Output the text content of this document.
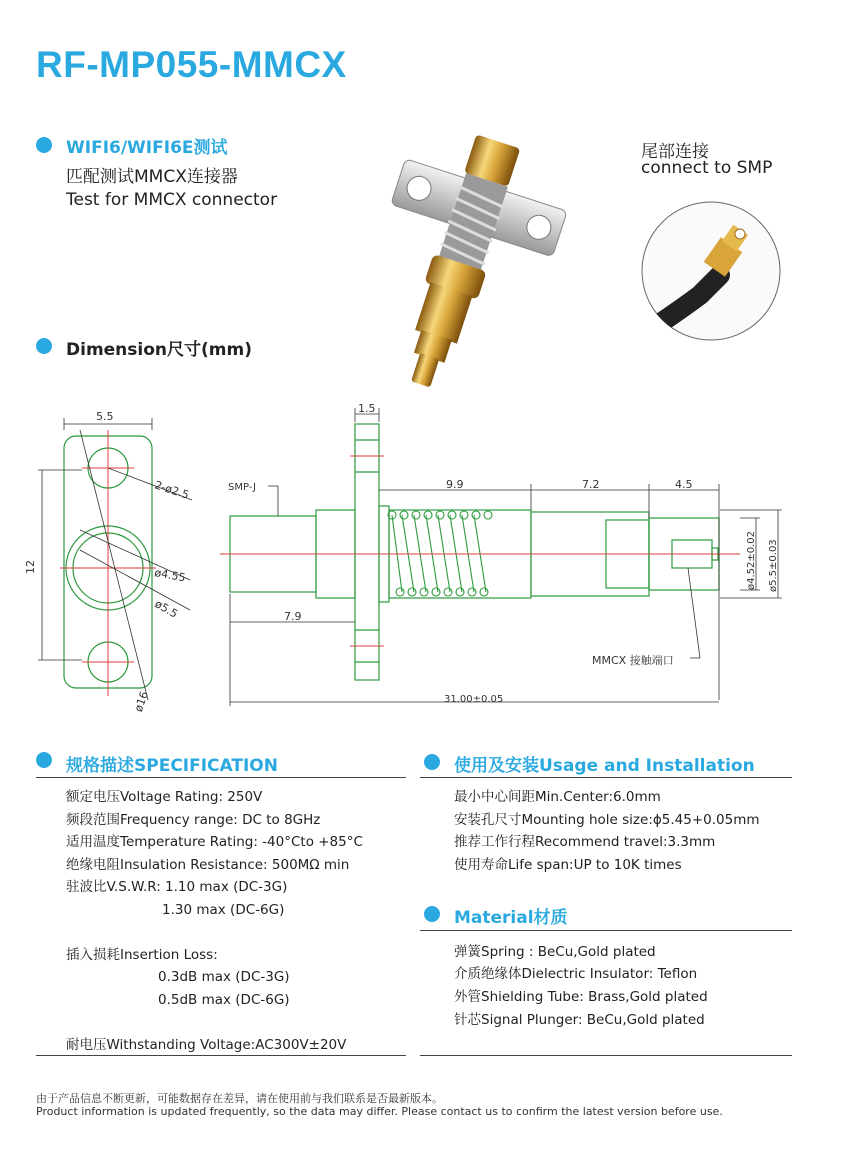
RF-MP055-MMCX
WIFI6/WIFI6E测试
匹配测试MMCX连接器
Test for MMCX connector
尾部连接
connect to SMP
Dimension尺寸(mm)
5.5
12
2-ø2.5
ø4.55
ø5.5
ø16
1.5
SMP-J	9.9	7.2	4.5
7.9
ø4.52±0.02 ø5.5±0.03
MMCX 接触端口
31.00±0.05
规格描述SPECIFICATION
额定电压Voltage Rating: 250V
频段范围Frequency range: DC to 8GHz
适用温度Temperature Rating: -40°Cto +85°C
绝缘电阻Insulation Resistance: 500MΩ min
驻波比V.S.W.R: 1.10 max (DC-3G)
1.30 max (DC-6G)
插入损耗Insertion Loss:
0.3dB max (DC-3G)
0.5dB max (DC-6G)
耐电压Withstanding Voltage:AC300V±20V
使用及安装Usage and Installation
最小中心间距Min.Center:6.0mm
安装孔尺寸Mounting hole size:ϕ5.45+0.05mm
推荐工作行程Recommend travel:3.3mm
使用寿命Life span:UP to 10K times
Material材质
弹簧Spring : BeCu,Gold plated
介质绝缘体Dielectric Insulator: Teflon
外管Shielding Tube: Brass,Gold plated
针芯Signal Plunger: BeCu,Gold plated
由于产品信息不断更新，可能数据存在差异，请在使用前与我们联系是否最新版本。
Product information is updated frequently, so the data may differ. Please contact us to confirm the latest version before use.
